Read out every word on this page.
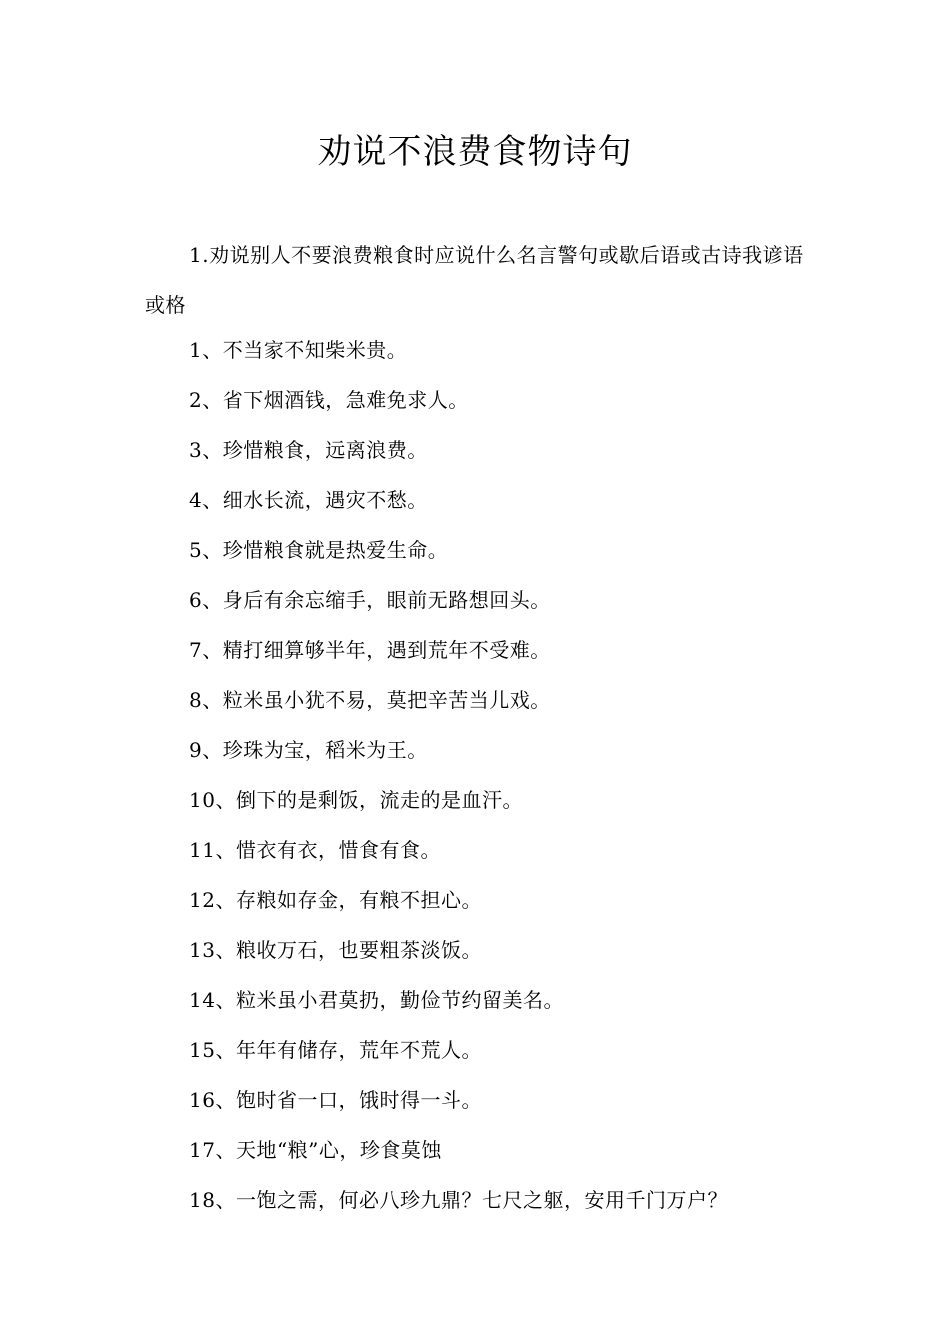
劝说不浪费食物诗句

1.劝说别人不要浪费粮食时应说什么名言警句或歇后语或古诗我谚语或格

1、不当家不知柴米贵。
2、省下烟酒钱，急难免求人。
3、珍惜粮食，远离浪费。
4、细水长流，遇灾不愁。
5、珍惜粮食就是热爱生命。
6、身后有余忘缩手，眼前无路想回头。
7、精打细算够半年，遇到荒年不受难。
8、粒米虽小犹不易，莫把辛苦当儿戏。
9、珍珠为宝，稻米为王。
10、倒下的是剩饭，流走的是血汗。
11、惜衣有衣，惜食有食。
12、存粮如存金，有粮不担心。
13、粮收万石，也要粗茶淡饭。
14、粒米虽小君莫扔，勤俭节约留美名。
15、年年有储存，荒年不荒人。
16、饱时省一口，饿时得一斗。
17、天地“粮”心，珍食莫蚀
18、一饱之需，何必八珍九鼎？七尺之躯，安用千门万户？
